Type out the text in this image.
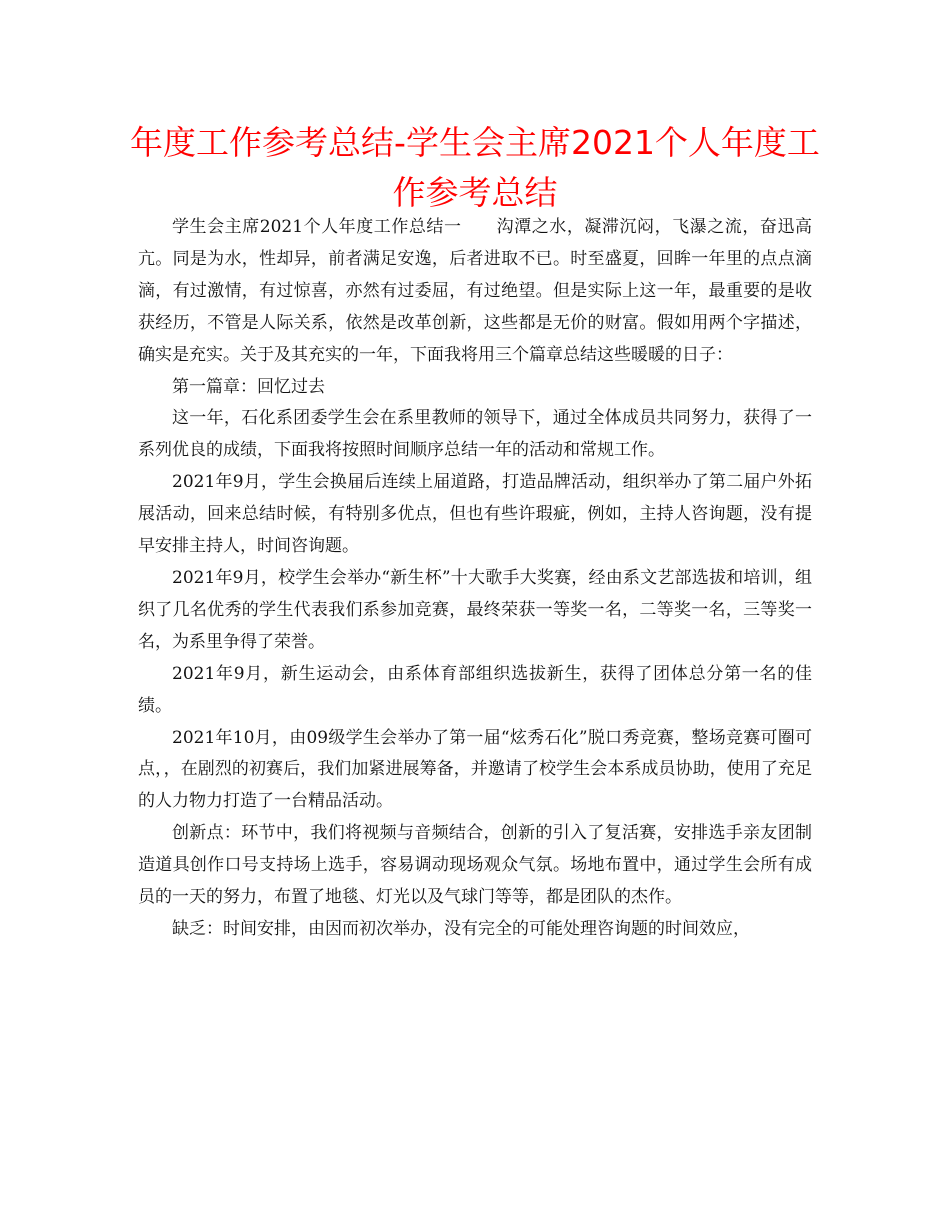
年度工作参考总结-学生会主席2021个人年度工作参考总结

学生会主席2021个人年度工作总结一　　沟潭之水，凝滞沉闷，飞瀑之流，奋迅高亢。同是为水，性却异，前者满足安逸，后者进取不已。时至盛夏，回眸一年里的点点滴滴，有过激情，有过惊喜，亦然有过委屈，有过绝望。但是实际上这一年，最重要的是收获经历，不管是人际关系，依然是改革创新，这些都是无价的财富。假如用两个字描述，确实是充实。关于及其充实的一年，下面我将用三个篇章总结这些暖暖的日子：

第一篇章：回忆过去

这一年，石化系团委学生会在系里教师的领导下，通过全体成员共同努力，获得了一系列优良的成绩，下面我将按照时间顺序总结一年的活动和常规工作。

2021年9月，学生会换届后连续上届道路，打造品牌活动，组织举办了第二届户外拓展活动，回来总结时候，有特别多优点，但也有些许瑕疵，例如，主持人咨询题，没有提早安排主持人，时间咨询题。

2021年9月，校学生会举办“新生杯”十大歌手大奖赛，经由系文艺部选拔和培训，组织了几名优秀的学生代表我们系参加竞赛，最终荣获一等奖一名，二等奖一名，三等奖一名，为系里争得了荣誉。

2021年9月，新生运动会，由系体育部组织选拔新生，获得了团体总分第一名的佳绩。

2021年10月，由09级学生会举办了第一届“炫秀石化”脱口秀竞赛，整场竞赛可圈可点，，在剧烈的初赛后，我们加紧进展筹备，并邀请了校学生会本系成员协助，使用了充足的人力物力打造了一台精品活动。

创新点：环节中，我们将视频与音频结合，创新的引入了复活赛，安排选手亲友团制造道具创作口号支持场上选手，容易调动现场观众气氛。场地布置中，通过学生会所有成员的一天的努力，布置了地毯、灯光以及气球门等等，都是团队的杰作。

缺乏：时间安排，由因而初次举办，没有完全的可能处理咨询题的时间效应，
